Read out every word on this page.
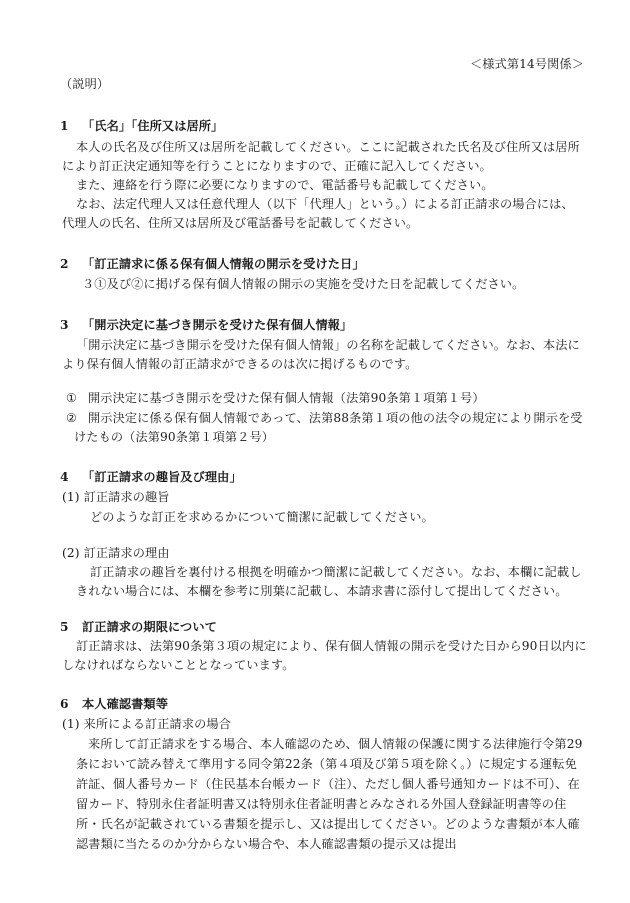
＜様式第14号関係＞
（説明）
1 「氏名」「住所又は居所」
本人の氏名及び住所又は居所を記載してください。ここに記載された氏名及び住所又は居所
により訂正決定通知等を行うことになりますので、正確に記入してください。
また、連絡を行う際に必要になりますので、電話番号も記載してください。
なお、法定代理人又は任意代理人（以下「代理人」という。）による訂正請求の場合には、
代理人の氏名、住所又は居所及び電話番号を記載してください。
2 「訂正請求に係る保有個人情報の開示を受けた日」
３①及び②に掲げる保有個人情報の開示の実施を受けた日を記載してください。
3 「開示決定に基づき開示を受けた保有個人情報」
「開示決定に基づき開示を受けた保有個人情報」の名称を記載してください。なお、本法に
より保有個人情報の訂正請求ができるのは次に掲げるものです。
① 開示決定に基づき開示を受けた保有個人情報（法第90条第１項第１号）
② 開示決定に係る保有個人情報であって、法第88条第１項の他の法令の規定により開示を受
けたもの（法第90条第１項第２号）
4 「訂正請求の趣旨及び理由」
(1) 訂正請求の趣旨
どのような訂正を求めるかについて簡潔に記載してください。
(2) 訂正請求の理由
訂正請求の趣旨を裏付ける根拠を明確かつ簡潔に記載してください。なお、本欄に記載し
きれない場合には、本欄を参考に別葉に記載し、本請求書に添付して提出してください。
5 訂正請求の期限について
訂正請求は、法第90条第３項の規定により、保有個人情報の開示を受けた日から90日以内に
しなければならないこととなっています。
6 本人確認書類等
(1) 来所による訂正請求の場合
来所して訂正請求をする場合、本人確認のため、個人情報の保護に関する法律施行令第29
条において読み替えて準用する同令第22条（第４項及び第５項を除く。）に規定する運転免
許証、個人番号カード（住民基本台帳カード（注）、ただし個人番号通知カードは不可）、在
留カード、特別永住者証明書又は特別永住者証明書とみなされる外国人登録証明書等の住
所・氏名が記載されている書類を提示し、又は提出してください。どのような書類が本人確
認書類に当たるのか分からない場合や、本人確認書類の提示又は提出
